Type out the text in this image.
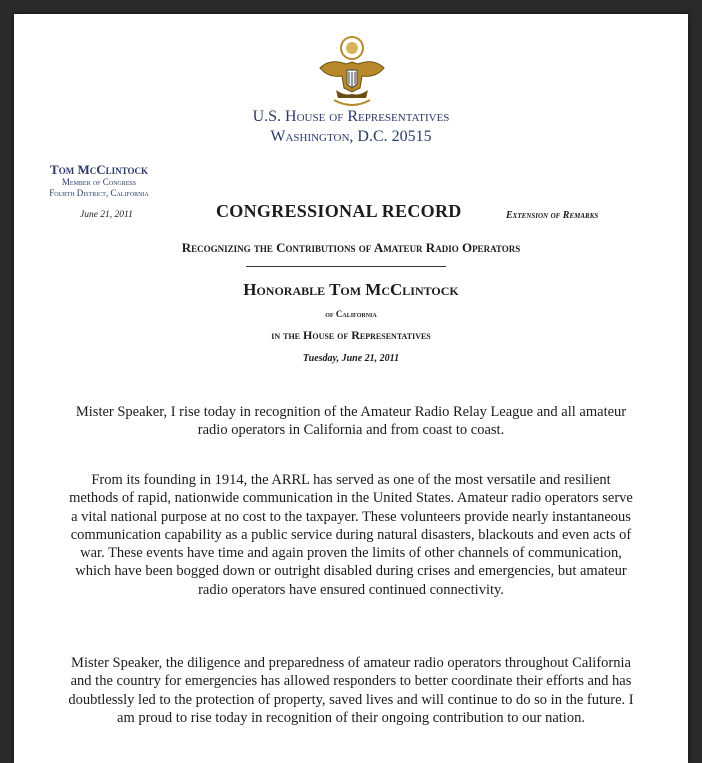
U.S. House of Representatives
Washington, D.C. 20515
Tom McClintock
Member of Congress
Fourth District, California
June 21, 2011	CONGRESSIONAL RECORD	Extension of Remarks
Recognizing the Contributions of Amateur Radio Operators
Honorable Tom McClintock
of California
in the House of Representatives
Tuesday, June 21, 2011

Mister Speaker, I rise today in recognition of the Amateur Radio Relay League and all amateur radio operators in California and from coast to coast.

From its founding in 1914, the ARRL has served as one of the most versatile and resilient methods of rapid, nationwide communication in the United States. Amateur radio operators serve a vital national purpose at no cost to the taxpayer. These volunteers provide nearly instantaneous communication capability as a public service during natural disasters, blackouts and even acts of war. These events have time and again proven the limits of other channels of communication, which have been bogged down or outright disabled during crises and emergencies, but amateur radio operators have ensured continued connectivity.

Mister Speaker, the diligence and preparedness of amateur radio operators throughout California and the country for emergencies has allowed responders to better coordinate their efforts and has doubtlessly led to the protection of property, saved lives and will continue to do so in the future. I am proud to rise today in recognition of their ongoing contribution to our nation.
